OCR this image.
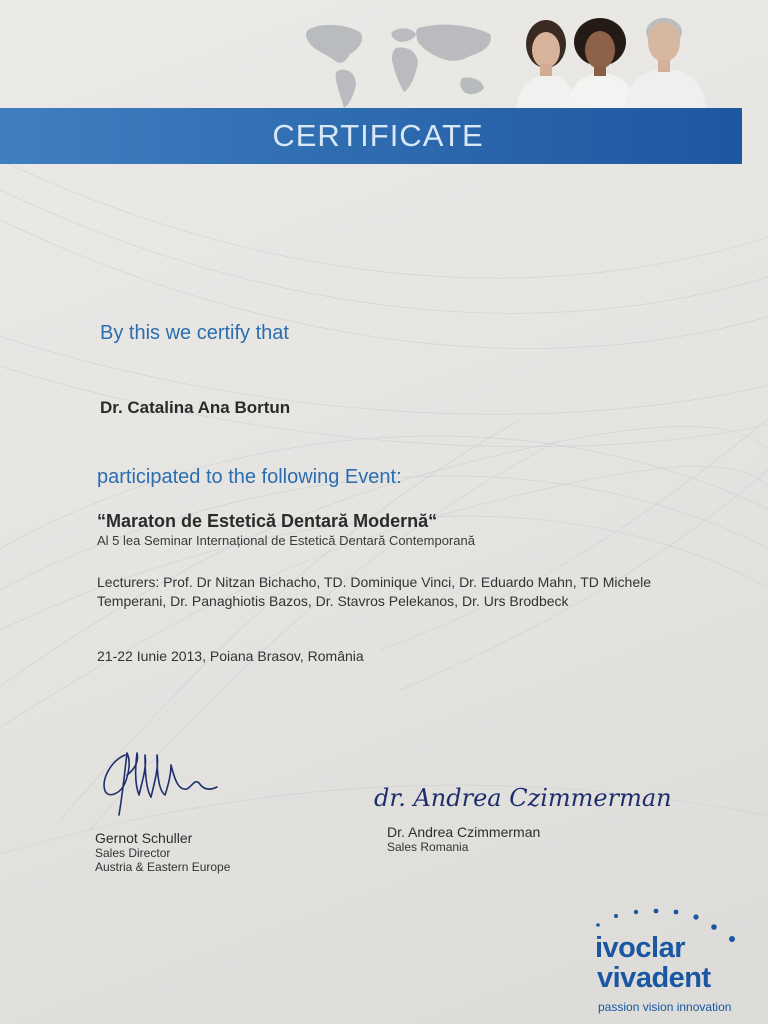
CERTIFICATE
By this we certify that
Dr. Catalina Ana Bortun
participated to the following Event:
“Maraton de Estetică Dentară Modernă“
Al 5 lea Seminar Internațional de Estetică Dentară Contemporană
Lecturers: Prof. Dr Nitzan Bichacho, TD. Dominique Vinci, Dr. Eduardo Mahn, TD Michele Temperani, Dr. Panaghiotis Bazos, Dr. Stavros Pelekanos, Dr. Urs Brodbeck
21-22 Iunie 2013, Poiana Brasov, România
Gernot Schuller
Sales Director
Austria & Eastern Europe
dr. Andrea Czimmerman
Dr. Andrea Czimmerman
Sales Romania
ivoclar
vivadent
passion vision innovation
